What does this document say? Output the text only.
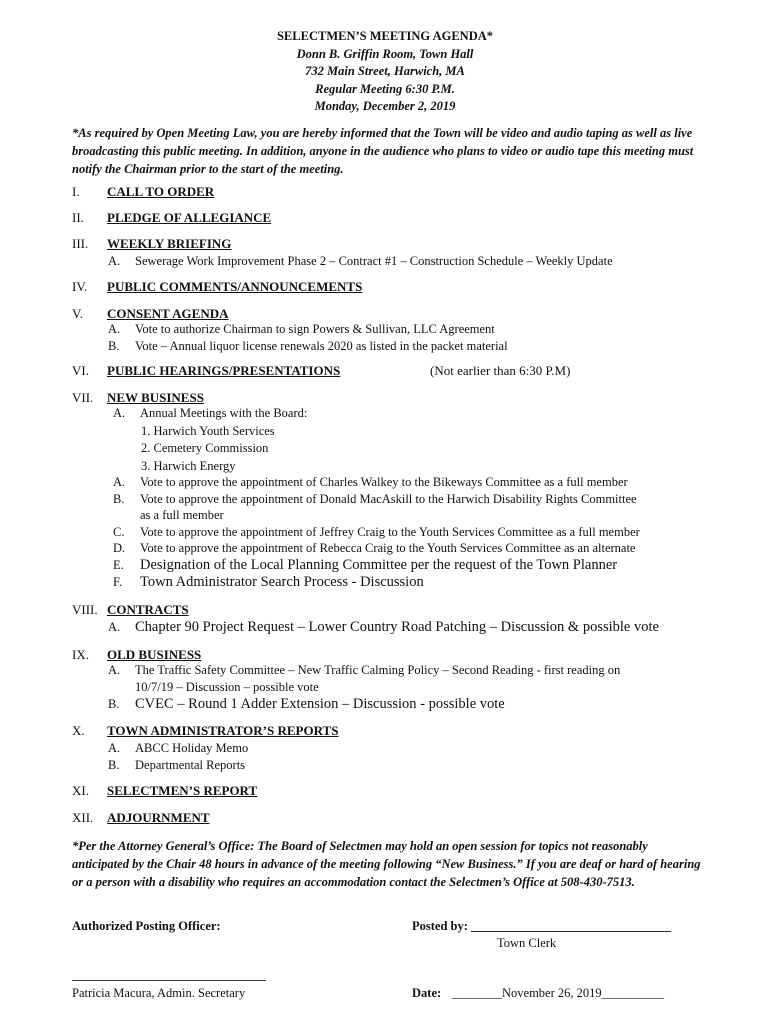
SELECTMEN’S MEETING AGENDA*
Donn B. Griffin Room, Town Hall
732 Main Street, Harwich, MA
Regular Meeting 6:30 P.M.
Monday, December 2, 2019
*As required by Open Meeting Law, you are hereby informed that the Town will be video and audio taping as well as live broadcasting this public meeting. In addition, anyone in the audience who plans to video or audio tape this meeting must notify the Chairman prior to the start of the meeting.
I. CALL TO ORDER
II. PLEDGE OF ALLEGIANCE
III. WEEKLY BRIEFING
A. Sewerage Work Improvement Phase 2 – Contract #1 – Construction Schedule – Weekly Update
IV. PUBLIC COMMENTS/ANNOUNCEMENTS
V. CONSENT AGENDA
A. Vote to authorize Chairman to sign Powers & Sullivan, LLC Agreement
B. Vote – Annual liquor license renewals 2020 as listed in the packet material
VI. PUBLIC HEARINGS/PRESENTATIONS	(Not earlier than 6:30 P.M)
VII. NEW BUSINESS
A. Annual Meetings with the Board:
1. Harwich Youth Services
2. Cemetery Commission
3. Harwich Energy
A. Vote to approve the appointment of Charles Walkey to the Bikeways Committee as a full member
B. Vote to approve the appointment of Donald MacAskill to the Harwich Disability Rights Committee
as a full member
C. Vote to approve the appointment of Jeffrey Craig to the Youth Services Committee as a full member
D. Vote to approve the appointment of Rebecca Craig to the Youth Services Committee as an alternate
E. Designation of the Local Planning Committee per the request of the Town Planner
F. Town Administrator Search Process - Discussion
VIII. CONTRACTS
A. Chapter 90 Project Request – Lower Country Road Patching – Discussion & possible vote
IX. OLD BUSINESS
A. The Traffic Safety Committee – New Traffic Calming Policy – Second Reading - first reading on
10/7/19 – Discussion – possible vote
B. CVEC – Round 1 Adder Extension – Discussion - possible vote
X. TOWN ADMINISTRATOR’S REPORTS
A. ABCC Holiday Memo
B. Departmental Reports
XI. SELECTMEN’S REPORT
XII. ADJOURNMENT
*Per the Attorney General’s Office: The Board of Selectmen may hold an open session for topics not reasonably anticipated by the Chair 48 hours in advance of the meeting following “New Business.” If you are deaf or hard of hearing or a person with a disability who requires an accommodation contact the Selectmen’s Office at 508-430-7513.
Authorized Posting Officer:	Posted by: ________________________________
Town Clerk
Patricia Macura, Admin. Secretary	Date: ________November 26, 2019__________
